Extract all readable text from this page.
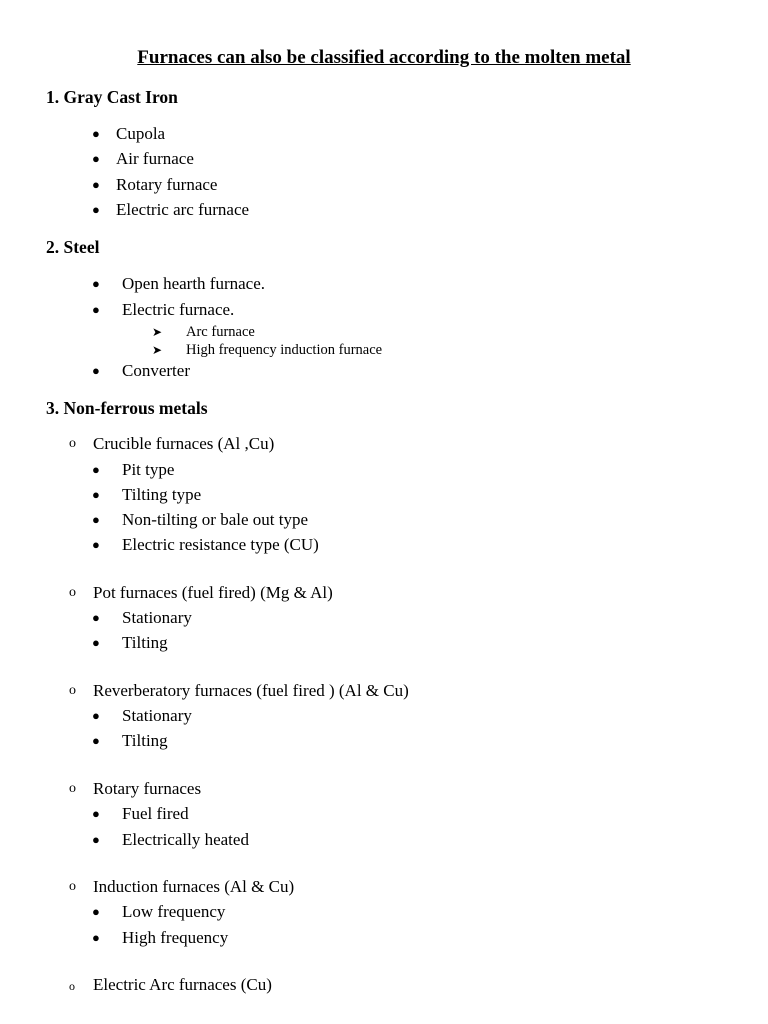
Furnaces can also be classified according to the molten metal
1. Gray Cast Iron
● Cupola
● Air furnace
● Rotary furnace
● Electric arc furnace
2. Steel
● Open hearth furnace.
● Electric furnace.
➤ Arc furnace
➤ High frequency induction furnace
● Converter
3. Non-ferrous metals
o Crucible furnaces (Al ,Cu)
● Pit type
● Tilting type
● Non-tilting or bale out type
● Electric resistance type (CU)
o Pot furnaces (fuel fired) (Mg & Al)
● Stationary
● Tilting
o Reverberatory furnaces (fuel fired ) (Al & Cu)
● Stationary
● Tilting
o Rotary furnaces
● Fuel fired
● Electrically heated
o Induction furnaces (Al & Cu)
● Low frequency
● High frequency
o Electric Arc furnaces (Cu)
